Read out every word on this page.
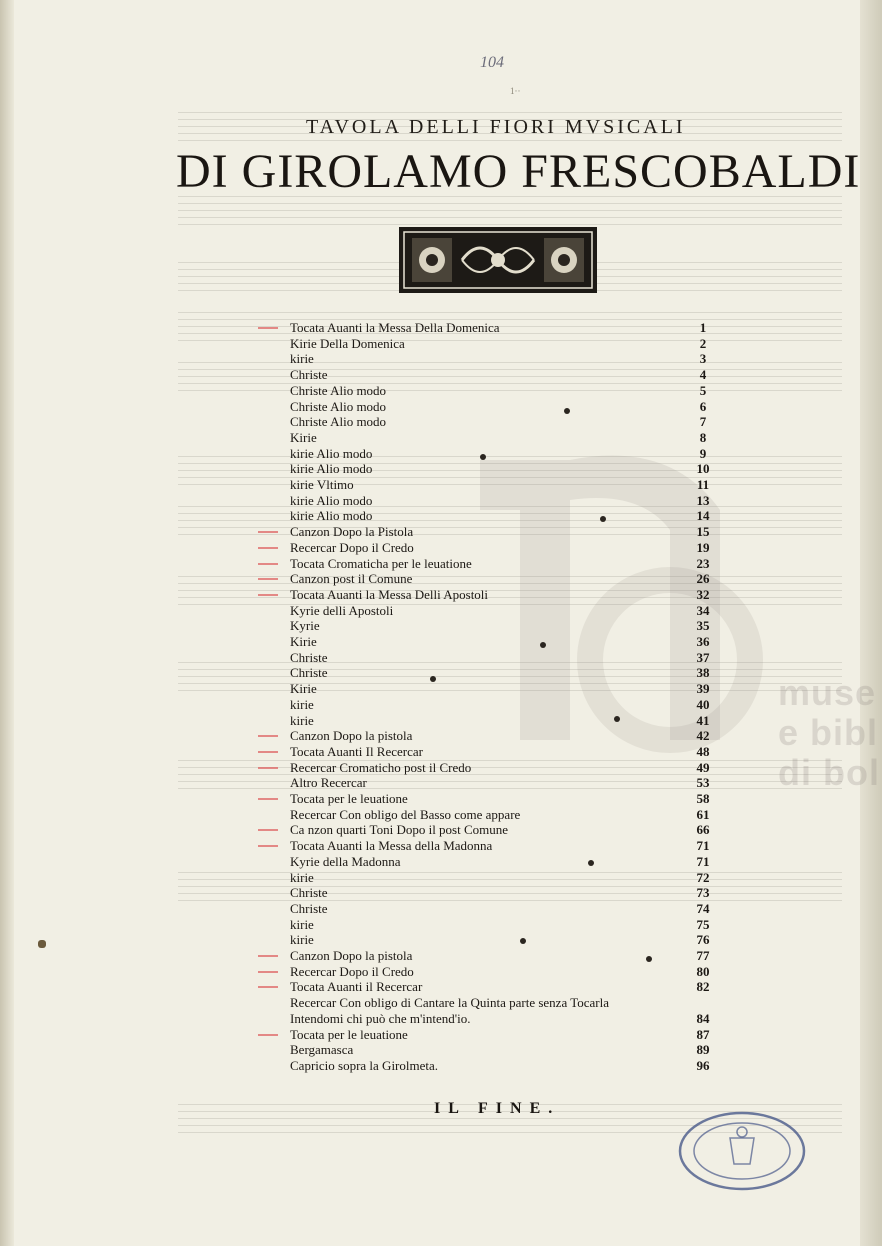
muse
e bibl
di bol
104
1··
TAVOLA DELLI FIORI MVSICALI
DI GIROLAMO FRESCOBALDI
Tocata Auanti la Messa Della Domenica	1
Kirie Della Domenica	2
kirie	3
Christe	4
Christe Alio modo	5
Christe Alio modo	6
Christe Alio modo	7
Kirie	8
kirie Alio modo	9
kirie Alio modo	10
kirie Vltimo	11
kirie Alio modo	13
kirie Alio modo	14
Canzon Dopo la Pistola	15
Recercar Dopo il Credo	19
Tocata Cromaticha per le leuatione	23
Canzon post il Comune	26
Tocata Auanti la Messa Delli Apostoli	32
Kyrie delli Apostoli	34
Kyrie	35
Kirie	36
Christe	37
Christe	38
Kirie	39
kirie	40
kirie	41
Canzon Dopo la pistola	42
Tocata Auanti Il Recercar	48
Recercar Cromaticho post il Credo	49
Altro Recercar	53
Tocata per le leuatione	58
Recercar Con obligo del Basso come appare	61
Ca nzon quarti Toni Dopo il post Comune	66
Tocata Auanti la Messa della Madonna	71
Kyrie della Madonna	71
kirie	72
Christe	73
Christe	74
kirie	75
kirie	76
Canzon Dopo la pistola	77
Recercar Dopo il Credo	80
Tocata Auanti il Recercar	82
Recercar Con obligo di Cantare la Quinta parte senza Tocarla
Intendomi chi può che m'intend'io.	84
Tocata per le leuatione	87
Bergamasca	89
Capricio sopra la Girolmeta.	96
IL FINE.
